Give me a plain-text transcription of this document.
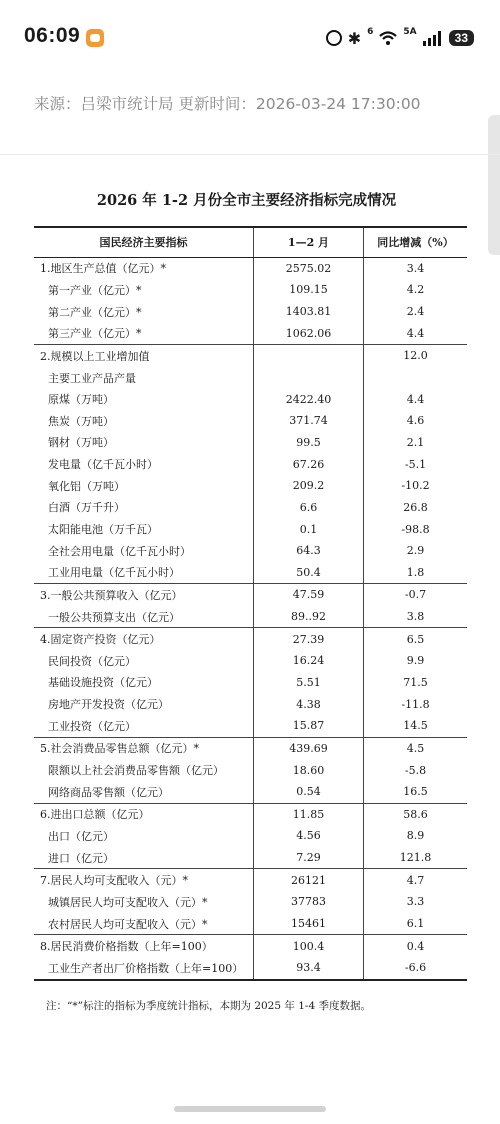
06:09	✱ 6	5A	33
来源：吕梁市统计局 更新时间：2026-03-24 17:30:00
2026 年 1-2 月份全市主要经济指标完成情况
国民经济主要指标	1—2 月	同比增减（%）
1.地区生产总值（亿元）*	2575.02	3.4
第一产业（亿元）*	109.15	4.2
第二产业（亿元）*	1403.81	2.4
第三产业（亿元）*	1062.06	4.4
2.规模以上工业增加值		12.0
主要工业产品产量		
原煤（万吨）	2422.40	4.4
焦炭（万吨）	371.74	4.6
钢材（万吨）	99.5	2.1
发电量（亿千瓦小时）	67.26	-5.1
氧化铝（万吨）	209.2	-10.2
白酒（万千升）	6.6	26.8
太阳能电池（万千瓦）	0.1	-98.8
全社会用电量（亿千瓦小时）	64.3	2.9
工业用电量（亿千瓦小时）	50.4	1.8
3.一般公共预算收入（亿元）	47.59	-0.7
一般公共预算支出（亿元）	89..92	3.8
4.固定资产投资（亿元）	27.39	6.5
民间投资（亿元）	16.24	9.9
基础设施投资（亿元）	5.51	71.5
房地产开发投资（亿元）	4.38	-11.8
工业投资（亿元）	15.87	14.5
5.社会消费品零售总额（亿元）*	439.69	4.5
限额以上社会消费品零售额（亿元）	18.60	-5.8
网络商品零售额（亿元）	0.54	16.5
6.进出口总额（亿元）	11.85	58.6
出口（亿元）	4.56	8.9
进口（亿元）	7.29	121.8
7.居民人均可支配收入（元）*	26121	4.7
城镇居民人均可支配收入（元）*	37783	3.3
农村居民人均可支配收入（元）*	15461	6.1
8.居民消费价格指数（上年=100）	100.4	0.4
工业生产者出厂价格指数（上年=100）	93.4	-6.6
注：“*”标注的指标为季度统计指标，本期为 2025 年 1-4 季度数据。
